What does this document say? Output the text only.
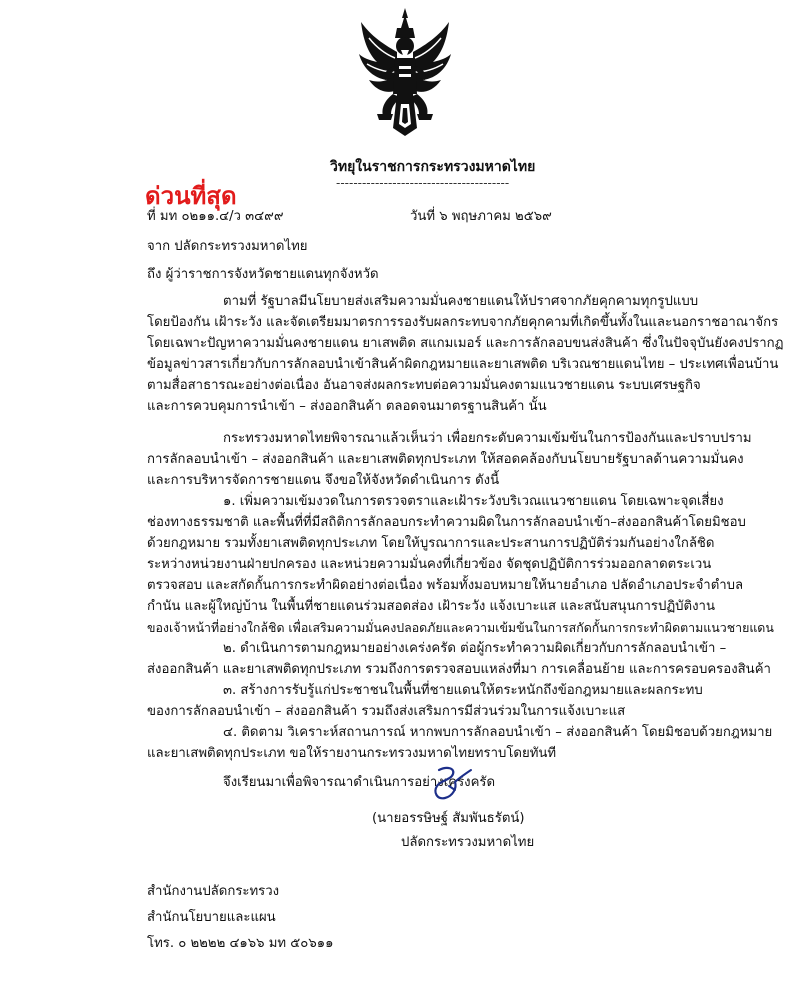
วิทยุในราชการกระทรวงมหาดไทย
----------------------------------------
ด่วนที่สุด
ที่ มท ๐๒๑๑.๔/ว ๓๔๙๙	วันที่ ๖ พฤษภาคม ๒๕๖๙
จาก ปลัดกระทรวงมหาดไทย
ถึง ผู้ว่าราชการจังหวัดชายแดนทุกจังหวัด
ตามที่ รัฐบาลมีนโยบายส่งเสริมความมั่นคงชายแดนให้ปราศจากภัยคุกคามทุกรูปแบบ
โดยป้องกัน เฝ้าระวัง และจัดเตรียมมาตรการรองรับผลกระทบจากภัยคุกคามที่เกิดขึ้นทั้งในและนอกราชอาณาจักร
โดยเฉพาะปัญหาความมั่นคงชายแดน ยาเสพติด สแกมเมอร์ และการลักลอบขนส่งสินค้า ซึ่งในปัจจุบันยังคงปรากฏ
ข้อมูลข่าวสารเกี่ยวกับการลักลอบนำเข้าสินค้าผิดกฎหมายและยาเสพติด บริเวณชายแดนไทย – ประเทศเพื่อนบ้าน
ตามสื่อสาธารณะอย่างต่อเนื่อง อันอาจส่งผลกระทบต่อความมั่นคงตามแนวชายแดน ระบบเศรษฐกิจ
และการควบคุมการนำเข้า – ส่งออกสินค้า ตลอดจนมาตรฐานสินค้า นั้น
กระทรวงมหาดไทยพิจารณาแล้วเห็นว่า เพื่อยกระดับความเข้มข้นในการป้องกันและปราบปราม
การลักลอบนำเข้า – ส่งออกสินค้า และยาเสพติดทุกประเภท ให้สอดคล้องกับนโยบายรัฐบาลด้านความมั่นคง
และการบริหารจัดการชายแดน จึงขอให้จังหวัดดำเนินการ ดังนี้
๑. เพิ่มความเข้มงวดในการตรวจตราและเฝ้าระวังบริเวณแนวชายแดน โดยเฉพาะจุดเสี่ยง
ช่องทางธรรมชาติ และพื้นที่ที่มีสถิติการลักลอบกระทำความผิดในการลักลอบนำเข้า–ส่งออกสินค้าโดยมิชอบ
ด้วยกฎหมาย รวมทั้งยาเสพติดทุกประเภท โดยให้บูรณาการและประสานการปฏิบัติร่วมกันอย่างใกล้ชิด
ระหว่างหน่วยงานฝ่ายปกครอง และหน่วยความมั่นคงที่เกี่ยวข้อง จัดชุดปฏิบัติการร่วมออกลาดตระเวน
ตรวจสอบ และสกัดกั้นการกระทำผิดอย่างต่อเนื่อง พร้อมทั้งมอบหมายให้นายอำเภอ ปลัดอำเภอประจำตำบล
กำนัน และผู้ใหญ่บ้าน ในพื้นที่ชายแดนร่วมสอดส่อง เฝ้าระวัง แจ้งเบาะแส และสนับสนุนการปฏิบัติงาน
ของเจ้าหน้าที่อย่างใกล้ชิด เพื่อเสริมความมั่นคงปลอดภัยและความเข้มข้นในการสกัดกั้นการกระทำผิดตามแนวชายแดน
๒. ดำเนินการตามกฎหมายอย่างเคร่งครัด ต่อผู้กระทำความผิดเกี่ยวกับการลักลอบนำเข้า –
ส่งออกสินค้า และยาเสพติดทุกประเภท รวมถึงการตรวจสอบแหล่งที่มา การเคลื่อนย้าย และการครอบครองสินค้า
๓. สร้างการรับรู้แก่ประชาชนในพื้นที่ชายแดนให้ตระหนักถึงข้อกฎหมายและผลกระทบ
ของการลักลอบนำเข้า – ส่งออกสินค้า รวมถึงส่งเสริมการมีส่วนร่วมในการแจ้งเบาะแส
๔. ติดตาม วิเคราะห์สถานการณ์ หากพบการลักลอบนำเข้า – ส่งออกสินค้า โดยมิชอบด้วยกฎหมาย
และยาเสพติดทุกประเภท ขอให้รายงานกระทรวงมหาดไทยทราบโดยทันที
จึงเรียนมาเพื่อพิจารณาดำเนินการอย่างเคร่งครัด
(นายอรรษิษฐ์ สัมพันธรัตน์)
ปลัดกระทรวงมหาดไทย
สำนักงานปลัดกระทรวง
สำนักนโยบายและแผน
โทร. ๐ ๒๒๒๒ ๔๑๖๖ มท ๕๐๖๑๑
